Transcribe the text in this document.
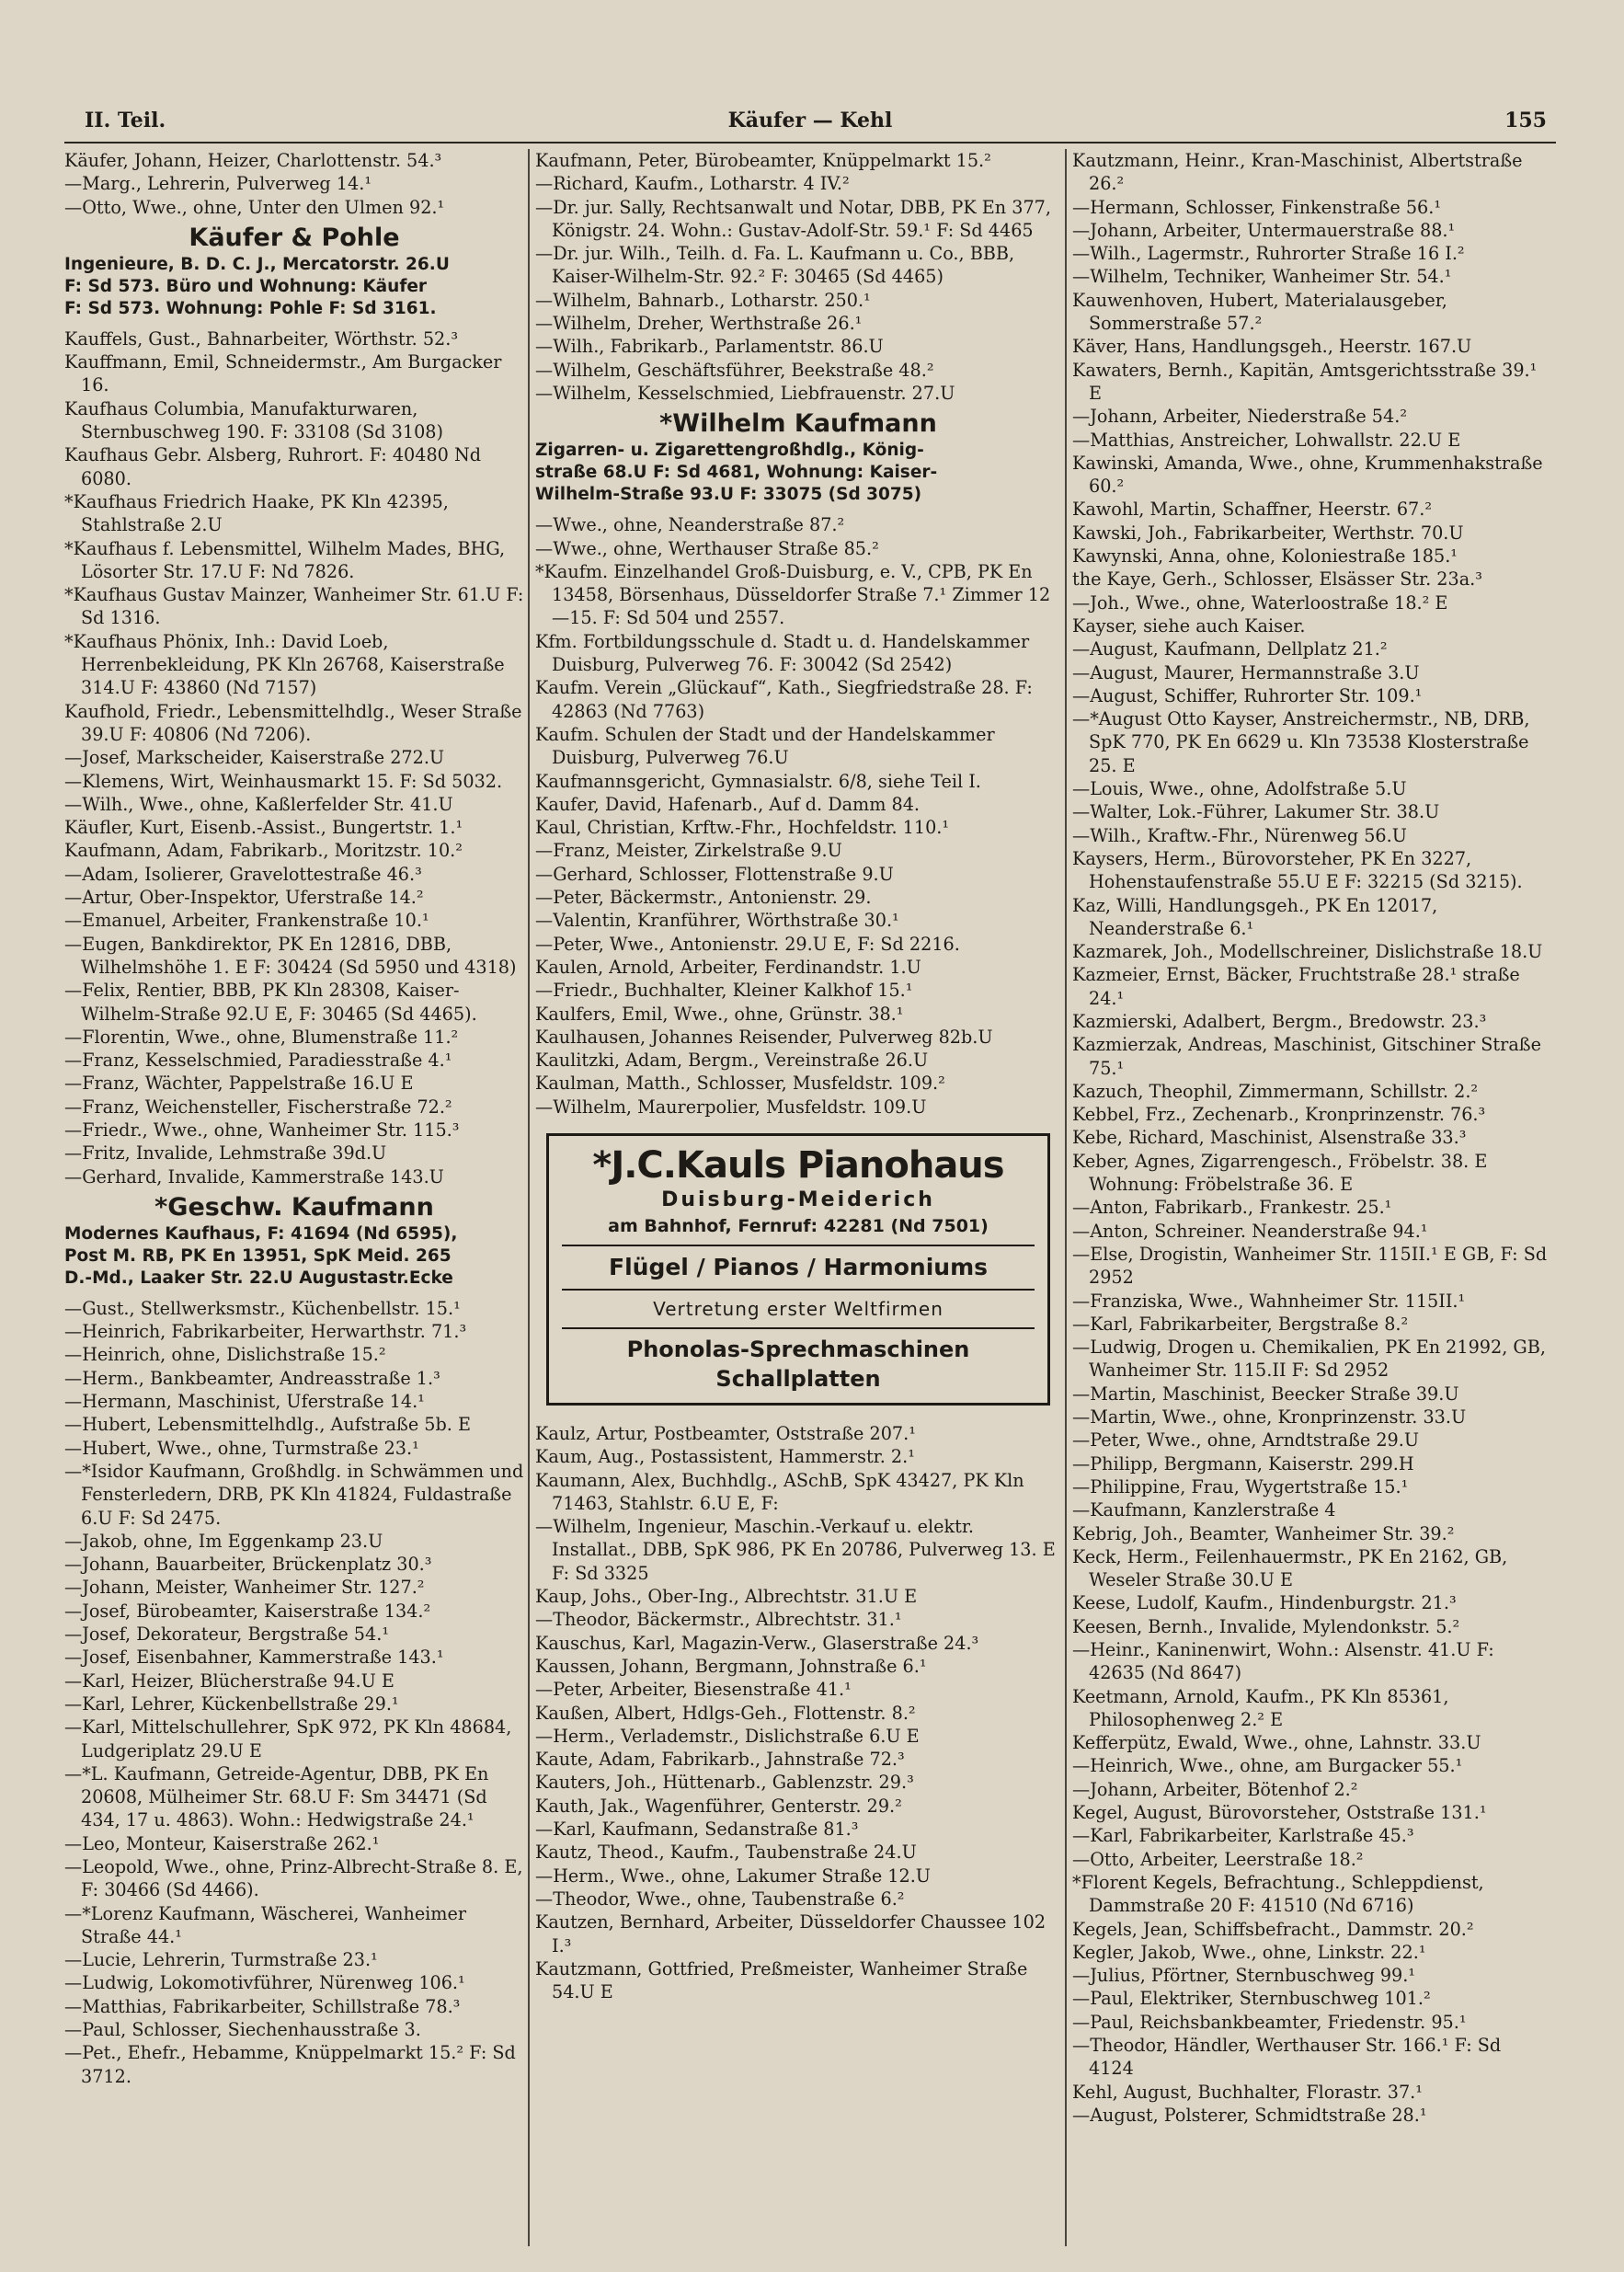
II. Teil.	Käufer — Kehl	155
Käufer, Johann, Heizer, Charlottenstr. 54.³
—Marg., Lehrerin, Pulverweg 14.¹
—Otto, Wwe., ohne, Unter den Ulmen 92.¹
Käufer & Pohle
Ingenieure, B. D. C. J., Mercatorstr. 26.U
F: Sd 573. Büro und Wohnung: Käufer
F: Sd 573. Wohnung: Pohle F: Sd 3161.
Kauffels, Gust., Bahnarbeiter, Wörthstr. 52.³
Kauffmann, Emil, Schneidermstr., Am Burgacker 16.
Kaufhaus Columbia, Manufakturwaren, Sternbuschweg 190. F: 33108 (Sd 3108)
Kaufhaus Gebr. Alsberg, Ruhrort. F: 40480 Nd 6080.
*Kaufhaus Friedrich Haake, PK Kln 42395, Stahlstraße 2.U
*Kaufhaus f. Lebensmittel, Wilhelm Mades, BHG, Lösorter Str. 17.U F: Nd 7826.
*Kaufhaus Gustav Mainzer, Wanheimer Str. 61.U F: Sd 1316.
*Kaufhaus Phönix, Inh.: David Loeb, Herrenbekleidung, PK Kln 26768, Kaiserstraße 314.U F: 43860 (Nd 7157)
Kaufhold, Friedr., Lebensmittelhdlg., Weser Straße 39.U F: 40806 (Nd 7206).
—Josef, Markscheider, Kaiserstraße 272.U
—Klemens, Wirt, Weinhausmarkt 15. F: Sd 5032.
—Wilh., Wwe., ohne, Kaßlerfelder Str. 41.U
Käufler, Kurt, Eisenb.-Assist., Bungertstr. 1.¹
Kaufmann, Adam, Fabrikarb., Moritzstr. 10.²
—Adam, Isolierer, Gravelottestraße 46.³
—Artur, Ober-Inspektor, Uferstraße 14.²
—Emanuel, Arbeiter, Frankenstraße 10.¹
—Eugen, Bankdirektor, PK En 12816, DBB, Wilhelmshöhe 1. E F: 30424 (Sd 5950 und 4318)
—Felix, Rentier, BBB, PK Kln 28308, Kaiser-Wilhelm-Straße 92.U E, F: 30465 (Sd 4465).
—Florentin, Wwe., ohne, Blumenstraße 11.²
—Franz, Kesselschmied, Paradiesstraße 4.¹
—Franz, Wächter, Pappelstraße 16.U E
—Franz, Weichensteller, Fischerstraße 72.²
—Friedr., Wwe., ohne, Wanheimer Str. 115.³
—Fritz, Invalide, Lehmstraße 39d.U
—Gerhard, Invalide, Kammerstraße 143.U
*Geschw. Kaufmann
Modernes Kaufhaus, F: 41694 (Nd 6595),
Post M. RB, PK En 13951, SpK Meid. 265
D.-Md., Laaker Str. 22.U Augustastr.Ecke
—Gust., Stellwerksmstr., Küchenbellstr. 15.¹
—Heinrich, Fabrikarbeiter, Herwarthstr. 71.³
—Heinrich, ohne, Dislichstraße 15.²
—Herm., Bankbeamter, Andreasstraße 1.³
—Hermann, Maschinist, Uferstraße 14.¹
—Hubert, Lebensmittelhdlg., Aufstraße 5b. E
—Hubert, Wwe., ohne, Turmstraße 23.¹
—*Isidor Kaufmann, Großhdlg. in Schwämmen und Fensterledern, DRB, PK Kln 41824, Fuldastraße 6.U F: Sd 2475.
—Jakob, ohne, Im Eggenkamp 23.U
—Johann, Bauarbeiter, Brückenplatz 30.³
—Johann, Meister, Wanheimer Str. 127.²
—Josef, Bürobeamter, Kaiserstraße 134.²
—Josef, Dekorateur, Bergstraße 54.¹
—Josef, Eisenbahner, Kammerstraße 143.¹
—Karl, Heizer, Blücherstraße 94.U E
—Karl, Lehrer, Kückenbellstraße 29.¹
—Karl, Mittelschullehrer, SpK 972, PK Kln 48684, Ludgeriplatz 29.U E
—*L. Kaufmann, Getreide-Agentur, DBB, PK En 20608, Mülheimer Str. 68.U F: Sm 34471 (Sd 434, 17 u. 4863). Wohn.: Hedwigstraße 24.¹
—Leo, Monteur, Kaiserstraße 262.¹
—Leopold, Wwe., ohne, Prinz-Albrecht-Straße 8. E, F: 30466 (Sd 4466).
—*Lorenz Kaufmann, Wäscherei, Wanheimer Straße 44.¹
—Lucie, Lehrerin, Turmstraße 23.¹
—Ludwig, Lokomotivführer, Nürenweg 106.¹
—Matthias, Fabrikarbeiter, Schillstraße 78.³
—Paul, Schlosser, Siechenhausstraße 3.
—Pet., Ehefr., Hebamme, Knüppelmarkt 15.² F: Sd 3712.
Kaufmann, Peter, Bürobeamter, Knüppelmarkt 15.²
—Richard, Kaufm., Lotharstr. 4 IV.²
—Dr. jur. Sally, Rechtsanwalt und Notar, DBB, PK En 377, Königstr. 24. Wohn.: Gustav-Adolf-Str. 59.¹ F: Sd 4465
—Dr. jur. Wilh., Teilh. d. Fa. L. Kaufmann u. Co., BBB, Kaiser-Wilhelm-Str. 92.² F: 30465 (Sd 4465)
—Wilhelm, Bahnarb., Lotharstr. 250.¹
—Wilhelm, Dreher, Werthstraße 26.¹
—Wilh., Fabrikarb., Parlamentstr. 86.U
—Wilhelm, Geschäftsführer, Beekstraße 48.²
—Wilhelm, Kesselschmied, Liebfrauenstr. 27.U
*Wilhelm Kaufmann
Zigarren- u. Zigarettengroßhdlg., König-
straße 68.U F: Sd 4681, Wohnung: Kaiser-
Wilhelm-Straße 93.U F: 33075 (Sd 3075)
—Wwe., ohne, Neanderstraße 87.²
—Wwe., ohne, Werthauser Straße 85.²
*Kaufm. Einzelhandel Groß-Duisburg, e. V., CPB, PK En 13458, Börsenhaus, Düsseldorfer Straße 7.¹ Zimmer 12—15. F: Sd 504 und 2557.
Kfm. Fortbildungsschule d. Stadt u. d. Handelskammer Duisburg, Pulverweg 76. F: 30042 (Sd 2542)
Kaufm. Verein „Glückauf“, Kath., Siegfriedstraße 28. F: 42863 (Nd 7763)
Kaufm. Schulen der Stadt und der Handelskammer Duisburg, Pulverweg 76.U
Kaufmannsgericht, Gymnasialstr. 6/8, siehe Teil I.
Kaufer, David, Hafenarb., Auf d. Damm 84.
Kaul, Christian, Krftw.-Fhr., Hochfeldstr. 110.¹
—Franz, Meister, Zirkelstraße 9.U
—Gerhard, Schlosser, Flottenstraße 9.U
—Peter, Bäckermstr., Antonienstr. 29.
—Valentin, Kranführer, Wörthstraße 30.¹
—Peter, Wwe., Antonienstr. 29.U E, F: Sd 2216.
Kaulen, Arnold, Arbeiter, Ferdinandstr. 1.U
—Friedr., Buchhalter, Kleiner Kalkhof 15.¹
Kaulfers, Emil, Wwe., ohne, Grünstr. 38.¹
Kaulhausen, Johannes Reisender, Pulverweg 82b.U
Kaulitzki, Adam, Bergm., Vereinstraße 26.U
Kaulman, Matth., Schlosser, Musfeldstr. 109.²
—Wilhelm, Maurerpolier, Musfeldstr. 109.U
*J.C.Kauls Pianohaus
Duisburg-Meiderich
am Bahnhof, Fernruf: 42281 (Nd 7501)
Flügel / Pianos / Harmoniums
Vertretung erster Weltfirmen
Phonolas-Sprechmaschinen
Schallplatten
Kaulz, Artur, Postbeamter, Oststraße 207.¹
Kaum, Aug., Postassistent, Hammerstr. 2.¹
Kaumann, Alex, Buchhdlg., ASchB, SpK 43427, PK Kln 71463, Stahlstr. 6.U E, F:
—Wilhelm, Ingenieur, Maschin.-Verkauf u. elektr. Installat., DBB, SpK 986, PK En 20786, Pulverweg 13. E F: Sd 3325
Kaup, Johs., Ober-Ing., Albrechtstr. 31.U E
—Theodor, Bäckermstr., Albrechtstr. 31.¹
Kauschus, Karl, Magazin-Verw., Glaserstraße 24.³
Kaussen, Johann, Bergmann, Johnstraße 6.¹
—Peter, Arbeiter, Biesenstraße 41.¹
Kaußen, Albert, Hdlgs-Geh., Flottenstr. 8.²
—Herm., Verlademstr., Dislichstraße 6.U E
Kaute, Adam, Fabrikarb., Jahnstraße 72.³
Kauters, Joh., Hüttenarb., Gablenzstr. 29.³
Kauth, Jak., Wagenführer, Genterstr. 29.²
—Karl, Kaufmann, Sedanstraße 81.³
Kautz, Theod., Kaufm., Taubenstraße 24.U
—Herm., Wwe., ohne, Lakumer Straße 12.U
—Theodor, Wwe., ohne, Taubenstraße 6.²
Kautzen, Bernhard, Arbeiter, Düsseldorfer Chaussee 102 I.³
Kautzmann, Gottfried, Preßmeister, Wanheimer Straße 54.U E
Kautzmann, Heinr., Kran-Maschinist, Albertstraße 26.²
—Hermann, Schlosser, Finkenstraße 56.¹
—Johann, Arbeiter, Untermauerstraße 88.¹
—Wilh., Lagermstr., Ruhrorter Straße 16 I.²
—Wilhelm, Techniker, Wanheimer Str. 54.¹
Kauwenhoven, Hubert, Materialausgeber, Sommerstraße 57.²
Käver, Hans, Handlungsgeh., Heerstr. 167.U
Kawaters, Bernh., Kapitän, Amtsgerichtsstraße 39.¹ E
—Johann, Arbeiter, Niederstraße 54.²
—Matthias, Anstreicher, Lohwallstr. 22.U E
Kawinski, Amanda, Wwe., ohne, Krummenhakstraße 60.²
Kawohl, Martin, Schaffner, Heerstr. 67.²
Kawski, Joh., Fabrikarbeiter, Werthstr. 70.U
Kawynski, Anna, ohne, Koloniestraße 185.¹
the Kaye, Gerh., Schlosser, Elsässer Str. 23a.³
—Joh., Wwe., ohne, Waterloostraße 18.² E
Kayser, siehe auch Kaiser.
—August, Kaufmann, Dellplatz 21.²
—August, Maurer, Hermannstraße 3.U
—August, Schiffer, Ruhrorter Str. 109.¹
—*August Otto Kayser, Anstreichermstr., NB, DRB, SpK 770, PK En 6629 u. Kln 73538 Klosterstraße 25. E
—Louis, Wwe., ohne, Adolfstraße 5.U
—Walter, Lok.-Führer, Lakumer Str. 38.U
—Wilh., Kraftw.-Fhr., Nürenweg 56.U
Kaysers, Herm., Bürovorsteher, PK En 3227, Hohenstaufenstraße 55.U E F: 32215 (Sd 3215).
Kaz, Willi, Handlungsgeh., PK En 12017, Neanderstraße 6.¹
Kazmarek, Joh., Modellschreiner, Dislichstraße 18.U
Kazmeier, Ernst, Bäcker, Fruchtstraße 28.¹ straße 24.¹
Kazmierski, Adalbert, Bergm., Bredowstr. 23.³
Kazmierzak, Andreas, Maschinist, Gitschiner Straße 75.¹
Kazuch, Theophil, Zimmermann, Schillstr. 2.²
Kebbel, Frz., Zechenarb., Kronprinzenstr. 76.³
Kebe, Richard, Maschinist, Alsenstraße 33.³
Keber, Agnes, Zigarrengesch., Fröbelstr. 38. E Wohnung: Fröbelstraße 36. E
—Anton, Fabrikarb., Frankestr. 25.¹
—Anton, Schreiner. Neanderstraße 94.¹
—Else, Drogistin, Wanheimer Str. 115II.¹ E GB, F: Sd 2952
—Franziska, Wwe., Wahnheimer Str. 115II.¹
—Karl, Fabrikarbeiter, Bergstraße 8.²
—Ludwig, Drogen u. Chemikalien, PK En 21992, GB, Wanheimer Str. 115.II F: Sd 2952
—Martin, Maschinist, Beecker Straße 39.U
—Martin, Wwe., ohne, Kronprinzenstr. 33.U
—Peter, Wwe., ohne, Arndtstraße 29.U
—Philipp, Bergmann, Kaiserstr. 299.H
—Philippine, Frau, Wygertstraße 15.¹
—Kaufmann, Kanzlerstraße 4
Kebrig, Joh., Beamter, Wanheimer Str. 39.²
Keck, Herm., Feilenhauermstr., PK En 2162, GB, Weseler Straße 30.U E
Keese, Ludolf, Kaufm., Hindenburgstr. 21.³
Keesen, Bernh., Invalide, Mylendonkstr. 5.²
—Heinr., Kaninenwirt, Wohn.: Alsenstr. 41.U F: 42635 (Nd 8647)
Keetmann, Arnold, Kaufm., PK Kln 85361, Philosophenweg 2.² E
Kefferpütz, Ewald, Wwe., ohne, Lahnstr. 33.U
—Heinrich, Wwe., ohne, am Burgacker 55.¹
—Johann, Arbeiter, Bötenhof 2.²
Kegel, August, Bürovorsteher, Oststraße 131.¹
—Karl, Fabrikarbeiter, Karlstraße 45.³
—Otto, Arbeiter, Leerstraße 18.²
*Florent Kegels, Befrachtung., Schleppdienst, Dammstraße 20 F: 41510 (Nd 6716)
Kegels, Jean, Schiffsbefracht., Dammstr. 20.²
Kegler, Jakob, Wwe., ohne, Linkstr. 22.¹
—Julius, Pförtner, Sternbuschweg 99.¹
—Paul, Elektriker, Sternbuschweg 101.²
—Paul, Reichsbankbeamter, Friedenstr. 95.¹
—Theodor, Händler, Werthauser Str. 166.¹ F: Sd 4124
Kehl, August, Buchhalter, Florastr. 37.¹
—August, Polsterer, Schmidtstraße 28.¹
